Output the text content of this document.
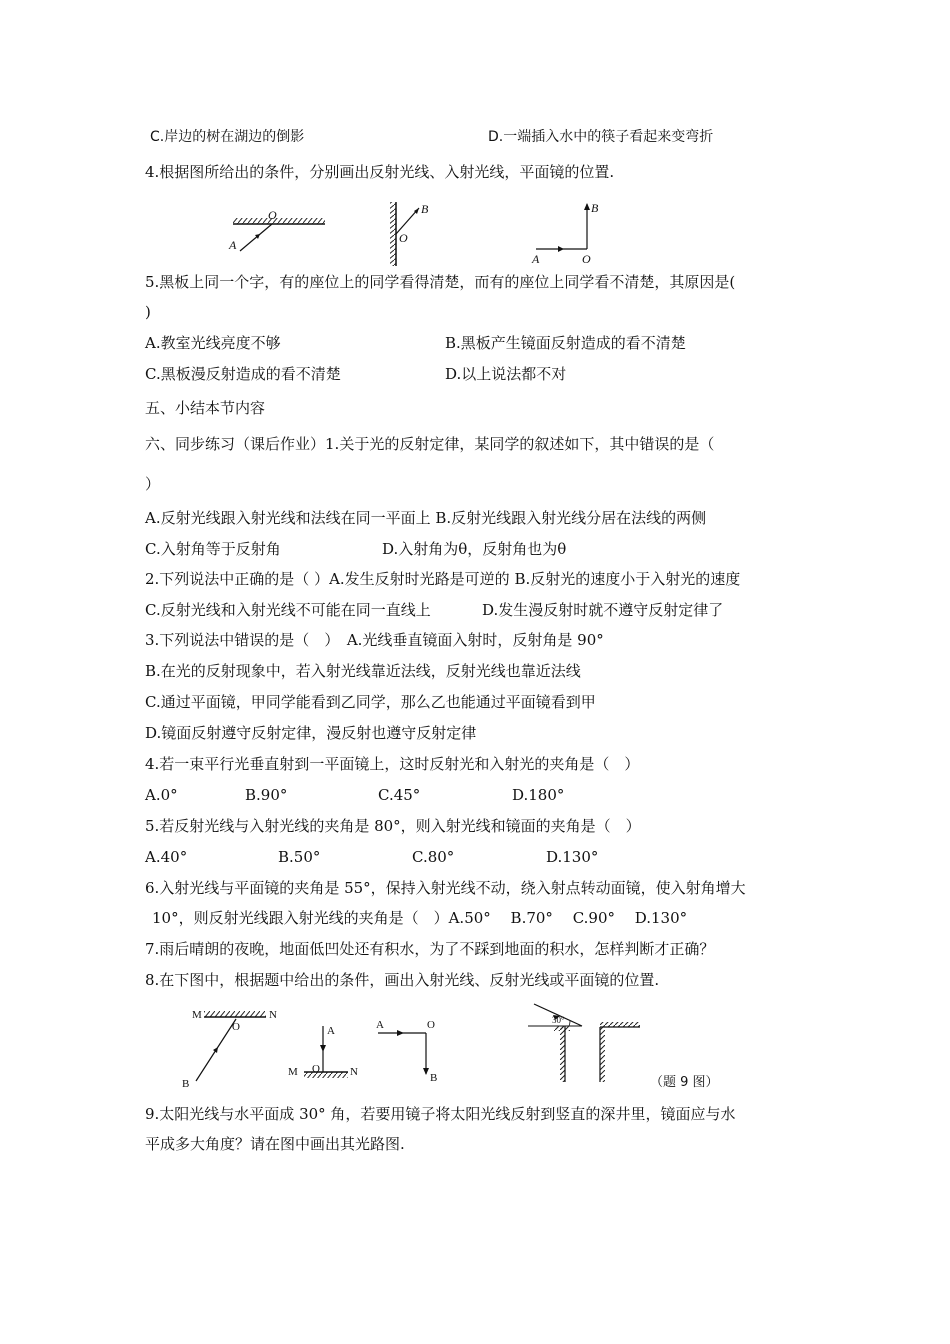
C.岸边的树在湖边的倒影	D.一端插入水中的筷子看起来变弯折
4.根据图所给出的条件，分别画出反射光线、入射光线，平面镜的位置.
O
A
B
O
B
A	O
5.黑板上同一个字，有的座位上的同学看得清楚，而有的座位上同学看不清楚，其原因是(
)
A.教室光线亮度不够	B.黑板产生镜面反射造成的看不清楚
C.黑板漫反射造成的看不清楚	D.以上说法都不对
五、小结本节内容
六、同步练习（课后作业）1.关于光的反射定律，某同学的叙述如下，其中错误的是（
）
A.反射光线跟入射光线和法线在同一平面上 B.反射光线跟入射光线分居在法线的两侧
C.入射角等于反射角	D.入射角为θ，反射角也为θ
2.下列说法中正确的是（ ）A.发生反射时光路是可逆的 B.反射光的速度小于入射光的速度
C.反射光线和入射光线不可能在同一直线上	D.发生漫反射时就不遵守反射定律了
3.下列说法中错误的是（　）　A.光线垂直镜面入射时，反射角是 90°
B.在光的反射现象中，若入射光线靠近法线，反射光线也靠近法线
C.通过平面镜，甲同学能看到乙同学，那么乙也能通过平面镜看到甲
D.镜面反射遵守反射定律，漫反射也遵守反射定律
4.若一束平行光垂直射到一平面镜上，这时反射光和入射光的夹角是（　）
A.0°	B.90°	C.45°	D.180°
5.若反射光线与入射光线的夹角是 80°，则入射光线和镜面的夹角是（　）
A.40°	B.50°	C.80°	D.130°
6.入射光线与平面镜的夹角是 55°，保持入射光线不动，绕入射点转动面镜，使入射角增大
10°，则反射光线跟入射光线的夹角是（　）A.50°　 B.70°　 C.90°　 D.130°
7.雨后晴朗的夜晚，地面低凹处还有积水，为了不踩到地面的积水，怎样判断才正确？
8.在下图中，根据题中给出的条件，画出入射光线、反射光线或平面镜的位置.
M	N
O
B
A
M O	N
A	O
B
30°
（题 9 图）
9.太阳光线与水平面成 30° 角，若要用镜子将太阳光线反射到竖直的深井里，镜面应与水
平成多大角度？请在图中画出其光路图.
